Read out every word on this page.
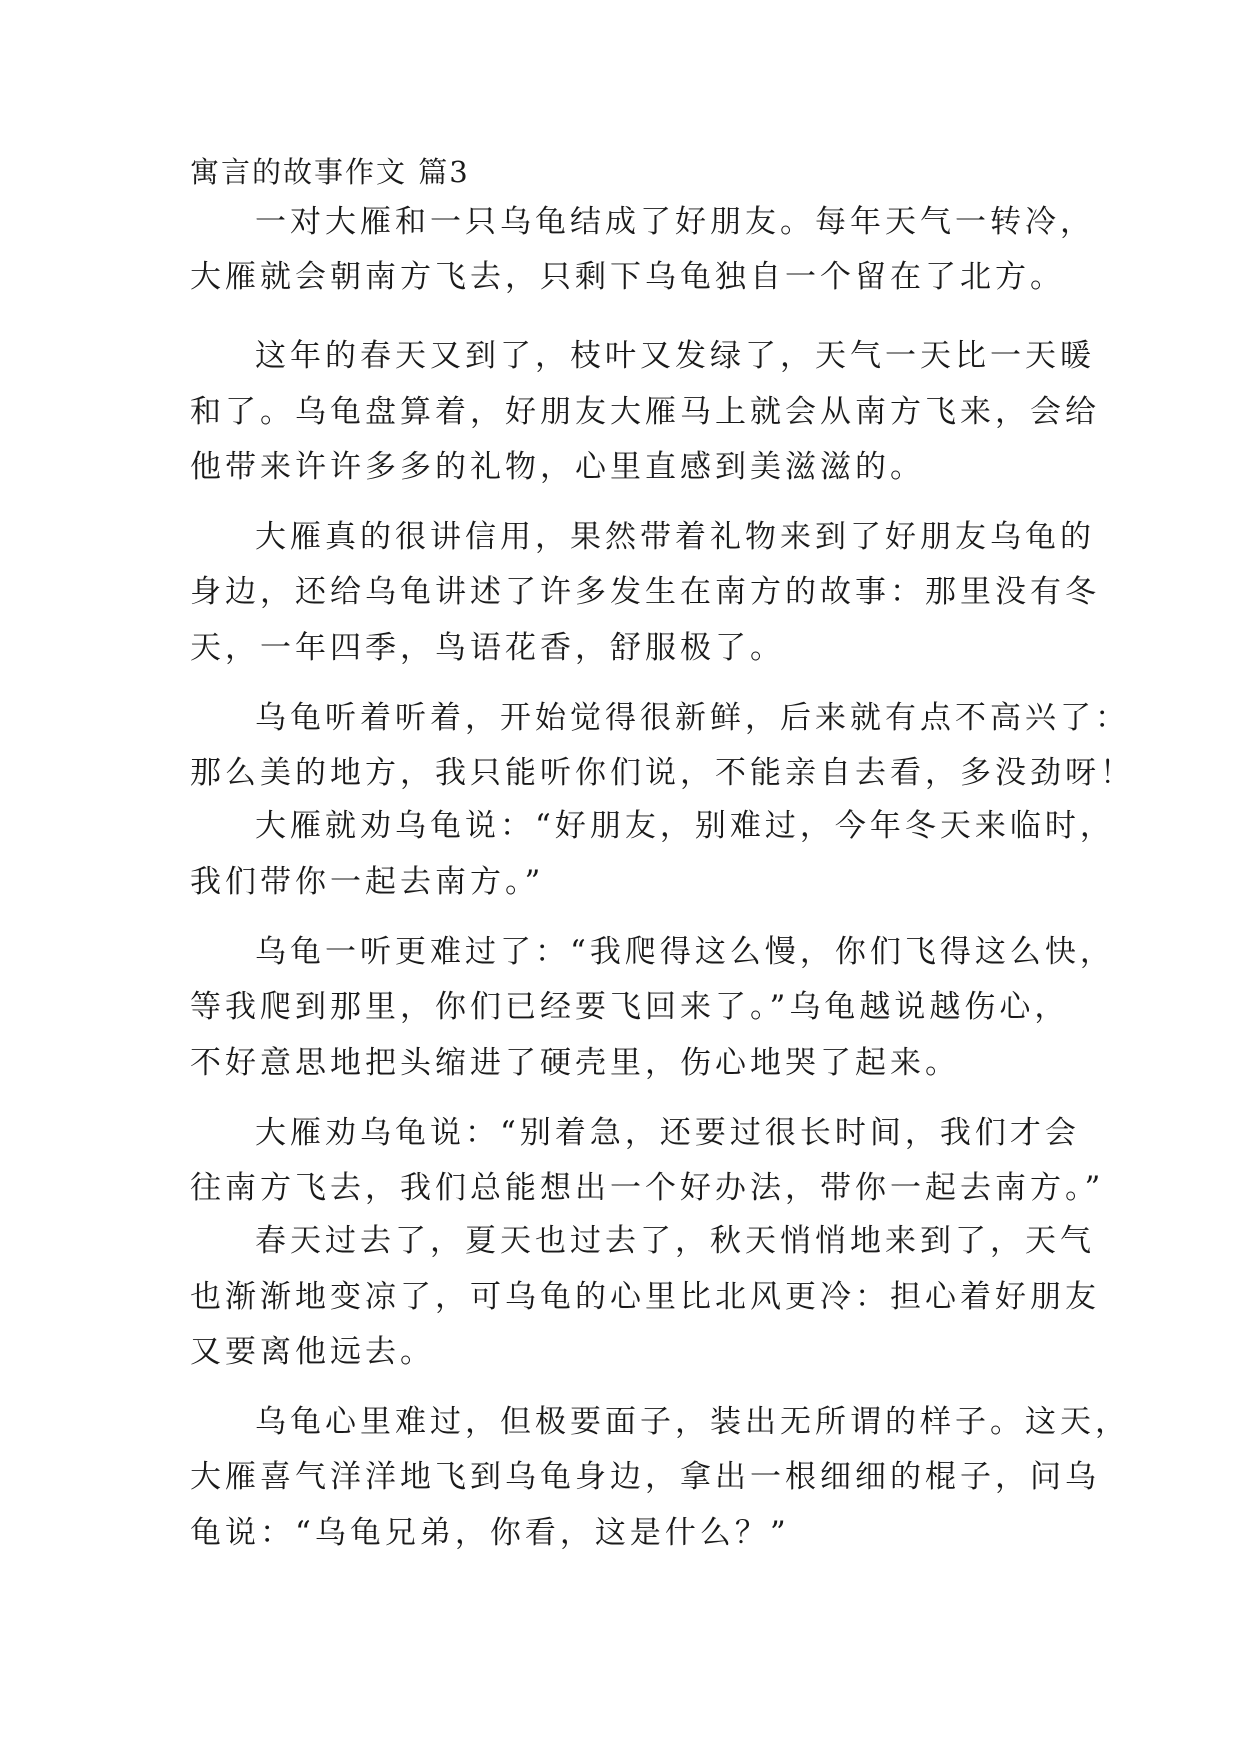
寓言的故事作文 篇3
一对大雁和一只乌龟结成了好朋友。每年天气一转冷，
大雁就会朝南方飞去，只剩下乌龟独自一个留在了北方。
这年的春天又到了，枝叶又发绿了，天气一天比一天暖
和了。乌龟盘算着，好朋友大雁马上就会从南方飞来，会给
他带来许许多多的礼物，心里直感到美滋滋的。
大雁真的很讲信用，果然带着礼物来到了好朋友乌龟的
身边，还给乌龟讲述了许多发生在南方的故事：那里没有冬
天，一年四季，鸟语花香，舒服极了。
乌龟听着听着，开始觉得很新鲜，后来就有点不高兴了：
那么美的地方，我只能听你们说，不能亲自去看，多没劲呀！
大雁就劝乌龟说：“好朋友，别难过，今年冬天来临时，
我们带你一起去南方。”
乌龟一听更难过了：“我爬得这么慢，你们飞得这么快，
等我爬到那里，你们已经要飞回来了。”乌龟越说越伤心，
不好意思地把头缩进了硬壳里，伤心地哭了起来。
大雁劝乌龟说：“别着急，还要过很长时间，我们才会
往南方飞去，我们总能想出一个好办法，带你一起去南方。”
春天过去了，夏天也过去了，秋天悄悄地来到了，天气
也渐渐地变凉了，可乌龟的心里比北风更冷：担心着好朋友
又要离他远去。
乌龟心里难过，但极要面子，装出无所谓的样子。这天，
大雁喜气洋洋地飞到乌龟身边，拿出一根细细的棍子，问乌
龟说：“乌龟兄弟，你看，这是什么？”
